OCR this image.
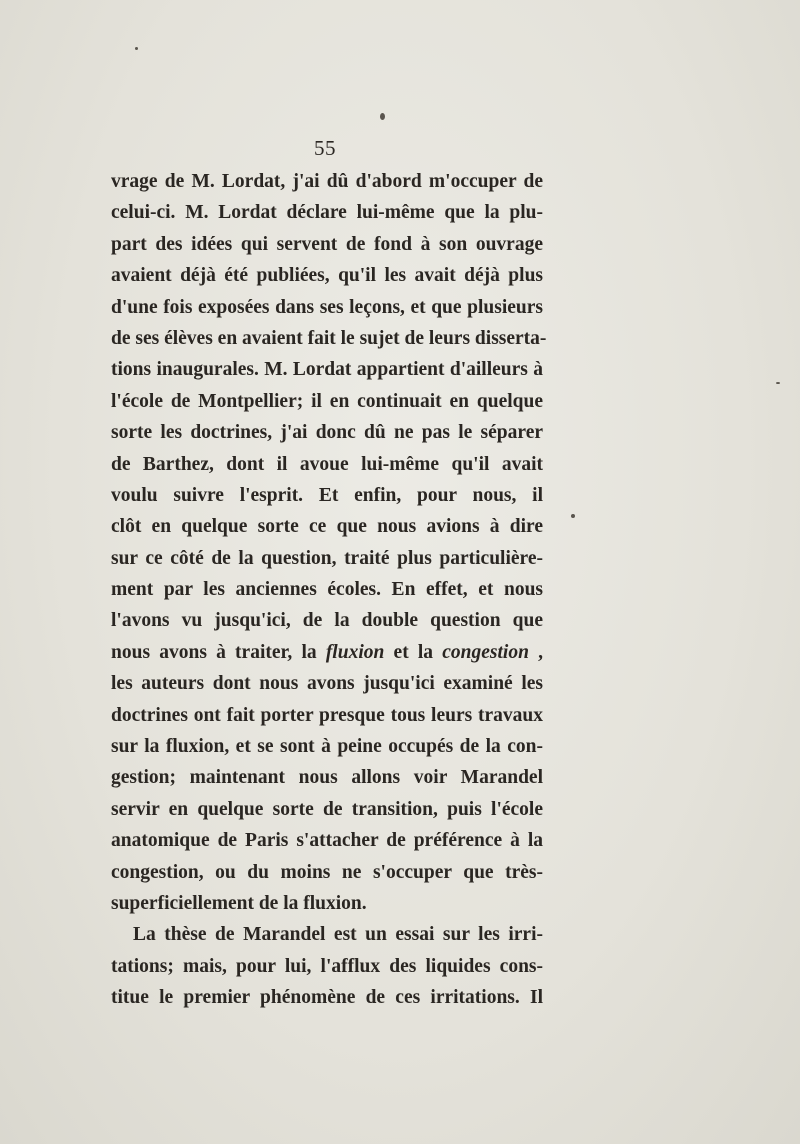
55
vrage de M. Lordat, j'ai dû d'abord m'occuper de
celui-ci. M. Lordat déclare lui-même que la plu-
part des idées qui servent de fond à son ouvrage
avaient déjà été publiées, qu'il les avait déjà plus
d'une fois exposées dans ses leçons, et que plusieurs
de ses élèves en avaient fait le sujet de leurs disserta-
tions inaugurales. M. Lordat appartient d'ailleurs à
l'école de Montpellier; il en continuait en quelque
sorte les doctrines, j'ai donc dû ne pas le séparer
de Barthez, dont il avoue lui-même qu'il avait
voulu suivre l'esprit. Et enfin, pour nous, il
clôt en quelque sorte ce que nous avions à dire
sur ce côté de la question, traité plus particulière-
ment par les anciennes écoles. En effet, et nous
l'avons vu jusqu'ici, de la double question que
nous avons à traiter, la fluxion et la congestion ,
les auteurs dont nous avons jusqu'ici examiné les
doctrines ont fait porter presque tous leurs travaux
sur la fluxion, et se sont à peine occupés de la con-
gestion; maintenant nous allons voir Marandel
servir en quelque sorte de transition, puis l'école
anatomique de Paris s'attacher de préférence à la
congestion, ou du moins ne s'occuper que très-
superficiellement de la fluxion.
La thèse de Marandel est un essai sur les irri-
tations; mais, pour lui, l'afflux des liquides cons-
titue le premier phénomène de ces irritations. Il
